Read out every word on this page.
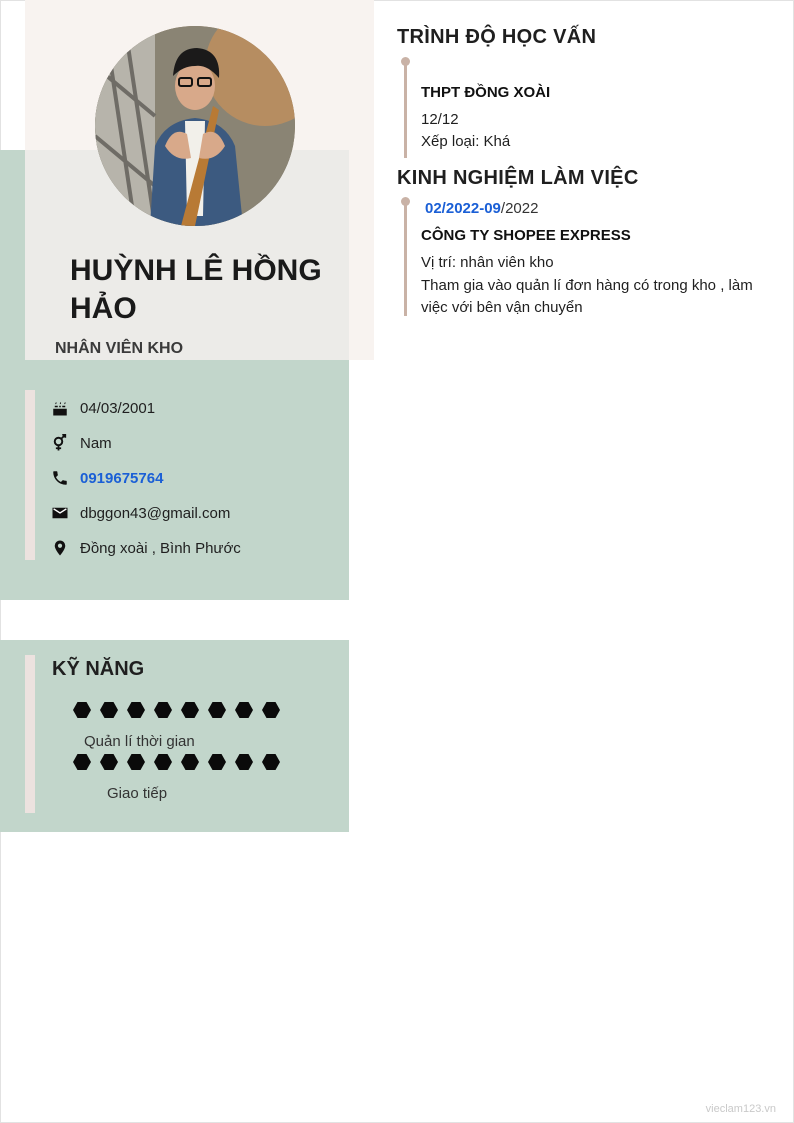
HUỲNH LÊ HỒNG HẢO
NHÂN VIÊN KHO
04/03/2001
Nam
0919675764
dbggon43@gmail.com
Đồng xoài , Bình Phước
KỸ NĂNG
Quản lí thời gian
Giao tiếp
TRÌNH ĐỘ HỌC VẤN
THPT ĐỒNG XOÀI
12/12
Xếp loại: Khá
KINH NGHIỆM LÀM VIỆC
02/2022-09/2022
CÔNG TY SHOPEE EXPRESS
Vị trí: nhân viên kho
Tham gia vào quản lí đơn hàng có trong kho , làm việc với bên vận chuyển
vieclam123.vn
